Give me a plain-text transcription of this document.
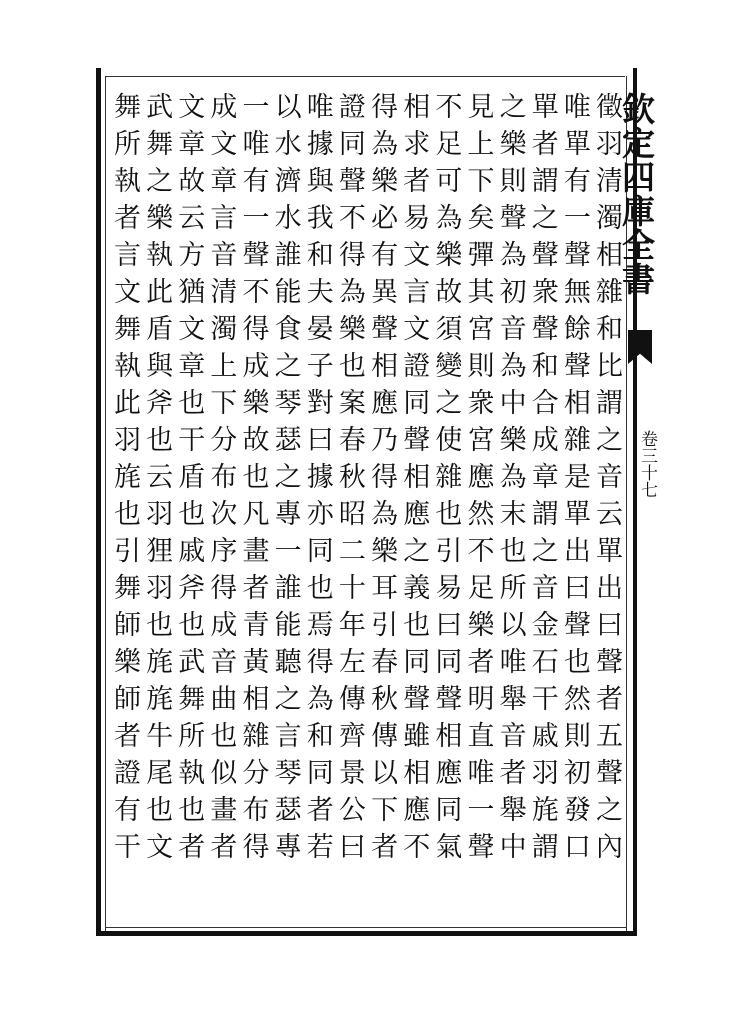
欽定四庫全書
卷三十七
徵羽清濁相雜和比謂之音云單出曰聲者五聲之內
唯單有一聲無餘聲相雜是單出曰聲也然則初發口
單者謂之聲衆聲和合成章謂之音金石干戚羽旄謂
之樂則聲為初音為中樂為末也所以唯舉音者舉中
見上下矣彈其宮則衆宮應然不足樂者明直唯一聲
不足可為樂故須變之使雜也引易曰同聲相應同氣
相求者易文言文證同聲相應之義也同聲雖相應不
得為樂必有異聲相應乃得為樂耳引春秋傳以下者
證同聲不得為樂也案春秋昭二十年左傳齊景公曰
唯據與我和夫晏子對曰據亦同也焉得為和同者若
以水濟水誰能食之琴瑟之專一誰能聽之言琴瑟專
一唯有一聲不得成樂故也凡畫者青黃相雜分布得
成文章言音清濁上下分布次序得成音曲也似畫者
文章故云方猶文章也干盾也戚斧也武舞所執也者
武舞之樂執此盾與斧也云羽狸羽也旄旄牛尾也文
舞所執者言文舞執此羽旄也引舞師樂師者證有干
